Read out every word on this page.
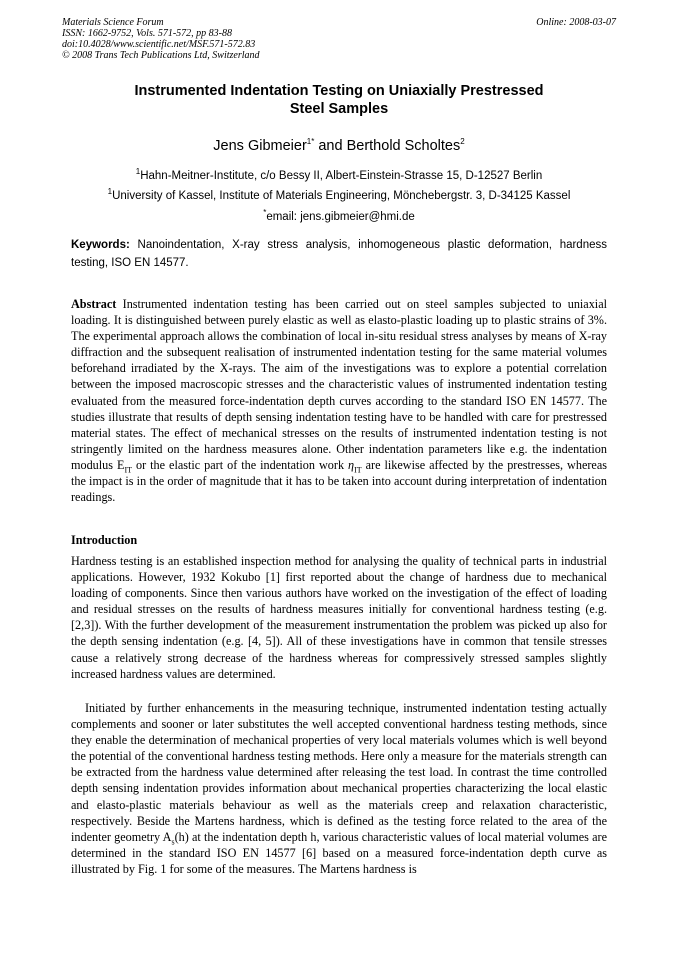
Materials Science Forum
ISSN: 1662-9752, Vols. 571-572, pp 83-88
doi:10.4028/www.scientific.net/MSF.571-572.83
© 2008 Trans Tech Publications Ltd, Switzerland
Online: 2008-03-07
Instrumented Indentation Testing on Uniaxially Prestressed
Steel Samples
Jens Gibmeier$^{1*}$ and Berthold Scholtes$^2$
$^1$Hahn-Meitner-Institute, c/o Bessy II, Albert-Einstein-Strasse 15, D-12527 Berlin
$^1$University of Kassel, Institute of Materials Engineering, Mönchebergstr. 3, D-34125 Kassel
*email: jens.gibmeier@hmi.de
Keywords: Nanoindentation, X-ray stress analysis, inhomogeneous plastic deformation, hardness testing, ISO EN 14577.
Abstract Instrumented indentation testing has been carried out on steel samples subjected to uniaxial loading. It is distinguished between purely elastic as well as elasto-plastic loading up to plastic strains of 3%. The experimental approach allows the combination of local in-situ residual stress analyses by means of X-ray diffraction and the subsequent realisation of instrumented indentation testing for the same material volumes beforehand irradiated by the X-rays. The aim of the investigations was to explore a potential correlation between the imposed macroscopic stresses and the characteristic values of instrumented indentation testing evaluated from the measured force-indentation depth curves according to the standard ISO EN 14577. The studies illustrate that results of depth sensing indentation testing have to be handled with care for prestressed material states. The effect of mechanical stresses on the results of instrumented indentation testing is not stringently limited on the hardness measures alone. Other indentation parameters like e.g. the indentation modulus $E_{IT}$ or the elastic part of the indentation work $\eta_{IT}$ are likewise affected by the prestresses, whereas the impact is in the order of magnitude that it has to be taken into account during interpretation of indentation readings.
Introduction
Hardness testing is an established inspection method for analysing the quality of technical parts in industrial applications. However, 1932 Kokubo [1] first reported about the change of hardness due to mechanical loading of components. Since then various authors have worked on the investigation of the effect of loading and residual stresses on the results of hardness measures initially for conventional hardness testing (e.g. [2,3]). With the further development of the measurement instrumentation the problem was picked up also for the depth sensing indentation (e.g. [4, 5]). All of these investigations have in common that tensile stresses cause a relatively strong decrease of the hardness whereas for compressively stressed samples slightly increased hardness values are determined.
Initiated by further enhancements in the measuring technique, instrumented indentation testing actually complements and sooner or later substitutes the well accepted conventional hardness testing methods, since they enable the determination of mechanical properties of very local materials volumes which is well beyond the potential of the conventional hardness testing methods. Here only a measure for the materials strength can be extracted from the hardness value determined after releasing the test load. In contrast the time controlled depth sensing indentation provides information about mechanical properties characterizing the local elastic and elasto-plastic materials behaviour as well as the materials creep and relaxation characteristic, respectively. Beside the Martens hardness, which is defined as the testing force related to the area of the indenter geometry $A_s(h)$ at the indentation depth h, various characteristic values of local material volumes are determined in the standard ISO EN 14577 [6] based on a measured force-indentation depth curve as illustrated by Fig. 1 for some of the measures. The Martens hardness is
